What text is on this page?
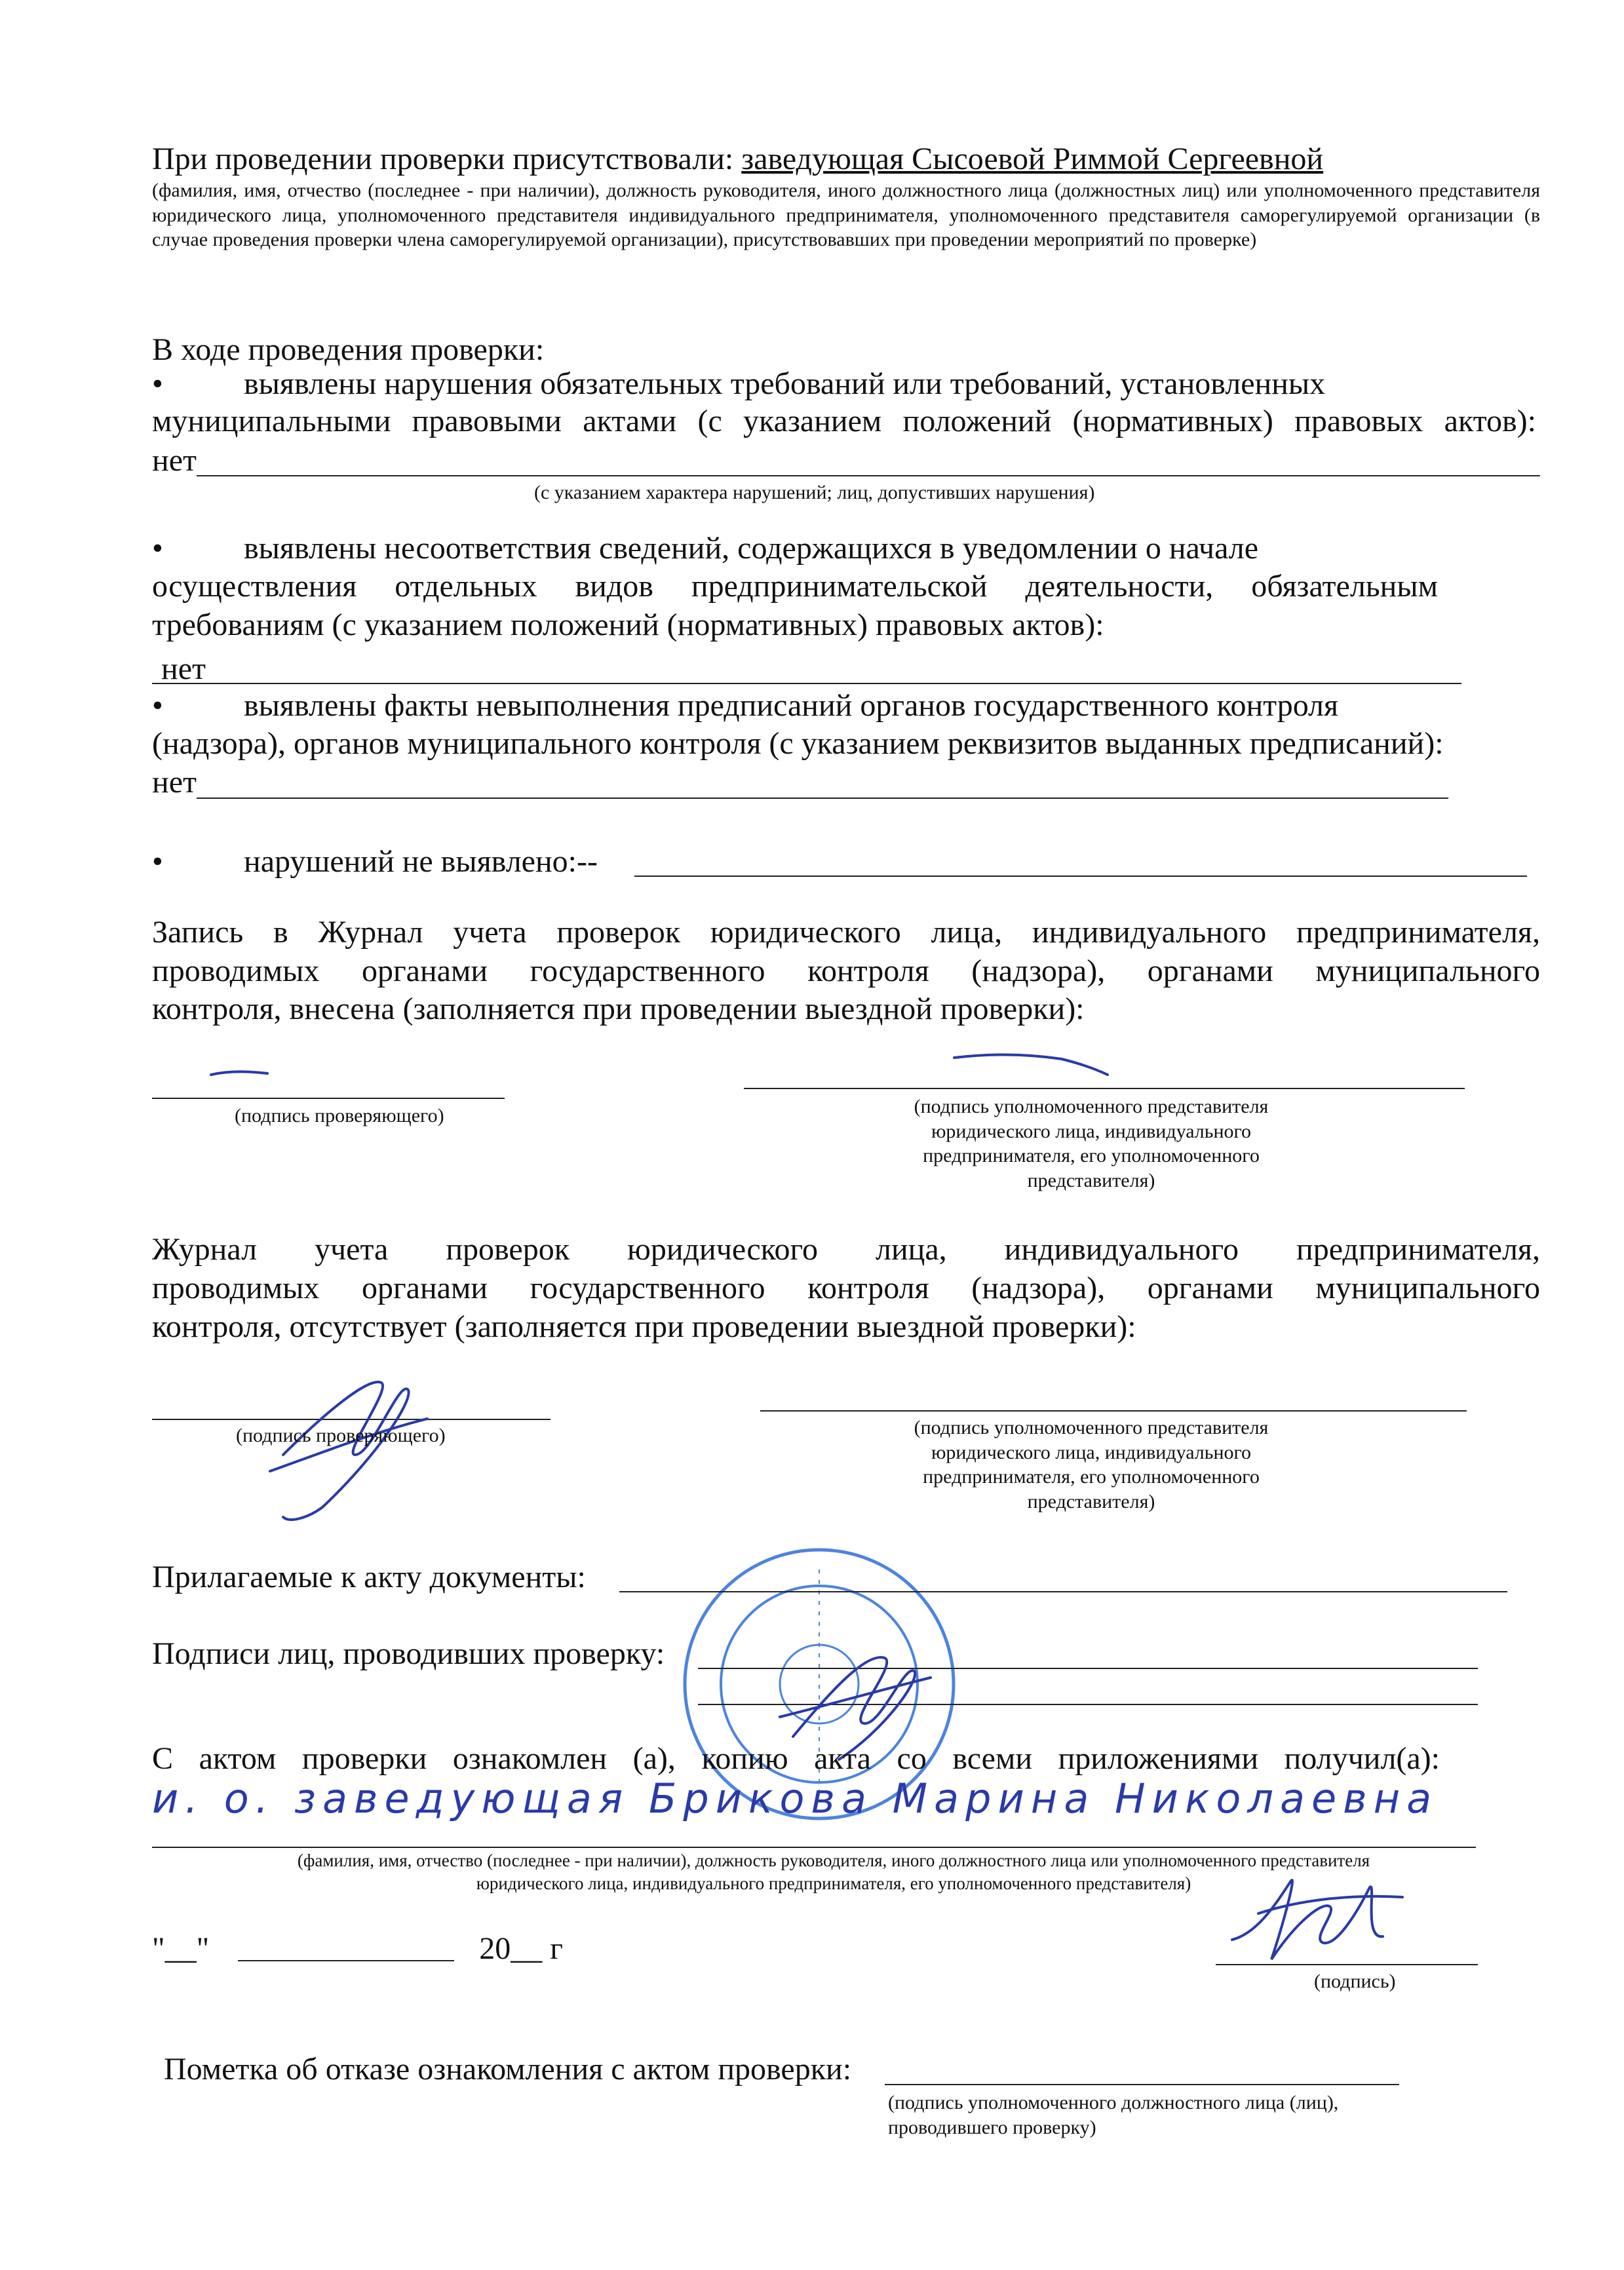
При проведении проверки присутствовали: заведующая Сысоевой Риммой Сергеевной
(фамилия, имя, отчество (последнее - при наличии), должность руководителя, иного должностного лица (должностных лиц) или уполномоченного представителя юридического лица, уполномоченного представителя индивидуального предпринимателя, уполномоченного представителя саморегулируемой организации (в случае проведения проверки члена саморегулируемой организации), присутствовавших при проведении мероприятий по проверке)
В ходе проведения проверки:
•	выявлены нарушения обязательных требований или требований, установленных
муниципальными правовыми актами (с указанием положений (нормативных) правовых актов):
нет
(с указанием характера нарушений; лиц, допустивших нарушения)
•	выявлены несоответствия сведений, содержащихся в уведомлении о начале
осуществления отдельных видов предпринимательской деятельности, обязательным
требованиям (с указанием положений (нормативных) правовых актов):
нет
•	выявлены факты невыполнения предписаний органов государственного контроля
(надзора), органов муниципального контроля (с указанием реквизитов выданных предписаний):
нет
•	нарушений не выявлено:--
Запись в Журнал учета проверок юридического лица, индивидуального предпринимателя,
проводимых органами государственного контроля (надзора), органами муниципального
контроля, внесена (заполняется при проведении выездной проверки):
(подпись проверяющего)	(подпись уполномоченного представителя
юридического лица, индивидуального
предпринимателя, его уполномоченного
представителя)
Журнал учета проверок юридического лица, индивидуального предпринимателя,
проводимых органами государственного контроля (надзора), органами муниципального
контроля, отсутствует (заполняется при проведении выездной проверки):
(подпись проверяющего)	(подпись уполномоченного представителя
юридического лица, индивидуального
предпринимателя, его уполномоченного
представителя)
Прилагаемые к акту документы:
Подписи лиц, проводивших проверку:
С актом проверки ознакомлен (а), копию акта со всеми приложениями получил(а):
и. о. заведующая Брикова Марина Николаевна
(фамилия, имя, отчество (последнее - при наличии), должность руководителя, иного должностного лица или уполномоченного представителя
юридического лица, индивидуального предпринимателя, его уполномоченного представителя)
"__"	20__ г
(подпись)
Пометка об отказе ознакомления с актом проверки:
(подпись уполномоченного должностного лица (лиц),
проводившего проверку)
